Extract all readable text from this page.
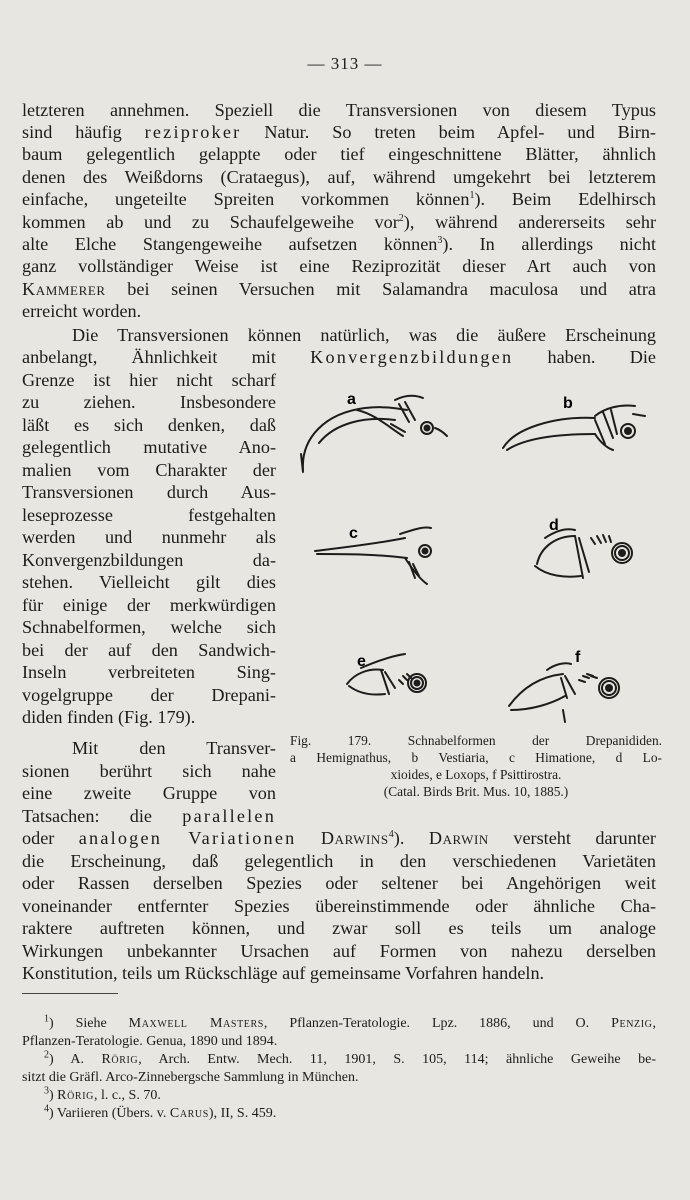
— 313 —
letzteren annehmen. Speziell die Transversionen von diesem Typus
sind häufig reziproker Natur. So treten beim Apfel- und Birn-
baum gelegentlich gelappte oder tief eingeschnittene Blätter, ähnlich
denen des Weißdorns (Crataegus), auf, während umgekehrt bei letzterem
einfache, ungeteilte Spreiten vorkommen können$^1$). Beim Edelhirsch
kommen ab und zu Schaufelgeweihe vor$^2$), während andererseits sehr
alte Elche Stangengeweihe aufsetzen können$^3$). In allerdings nicht
ganz vollständiger Weise ist eine Reziprozität dieser Art auch von
Kammerer bei seinen Versuchen mit Salamandra maculosa und atra
erreicht worden.
Die Transversionen können natürlich, was die äußere Erscheinung
anbelangt, Ähnlichkeit mit Konvergenzbildungen haben. Die
Grenze ist hier nicht scharf
zu ziehen. Insbesondere
läßt es sich denken, daß
gelegentlich mutative Ano-
malien vom Charakter der
Transversionen durch Aus-
leseprozesse festgehalten
werden und nunmehr als
Konvergenzbildungen da-
stehen. Vielleicht gilt dies
für einige der merkwürdigen
Schnabelformen, welche sich
bei der auf den Sandwich-
Inseln verbreiteten Sing-
vogelgruppe der Drepani-
diden finden (Fig. 179).
Mit den Transver-
sionen berührt sich nahe
eine zweite Gruppe von
Tatsachen: die parallelen
oder analogen Variationen Darwins$^4$). Darwin versteht darunter
die Erscheinung, daß gelegentlich in den verschiedenen Varietäten
oder Rassen derselben Spezies oder seltener bei Angehörigen weit
voneinander entfernter Spezies übereinstimmende oder ähnliche Cha-
raktere auftreten können, und zwar soll es teils um analoge
Wirkungen unbekannter Ursachen auf Formen von nahezu derselben
Konstitution, teils um Rückschläge auf gemeinsame Vorfahren handeln.
a	b
c	d
e	f
Fig. 179. Schnabelformen der Drepanididen.
a Hemignathus, b Vestiaria, c Himatione, d Lo-
xioides, e Loxops, f Psittirostra.
(Catal. Birds Brit. Mus. 10, 1885.)
$^1$) Siehe Maxwell Masters, Pflanzen-Teratologie. Lpz. 1886, und O. Penzig,
Pflanzen-Teratologie. Genua, 1890 und 1894.
$^2$) A. Rörig, Arch. Entw. Mech. 11, 1901, S. 105, 114; ähnliche Geweihe be-
sitzt die Gräfl. Arco-Zinnebergsche Sammlung in München.
$^3$) Rörig, l. c., S. 70.
$^4$) Variieren (Übers. v. Carus), II, S. 459.
